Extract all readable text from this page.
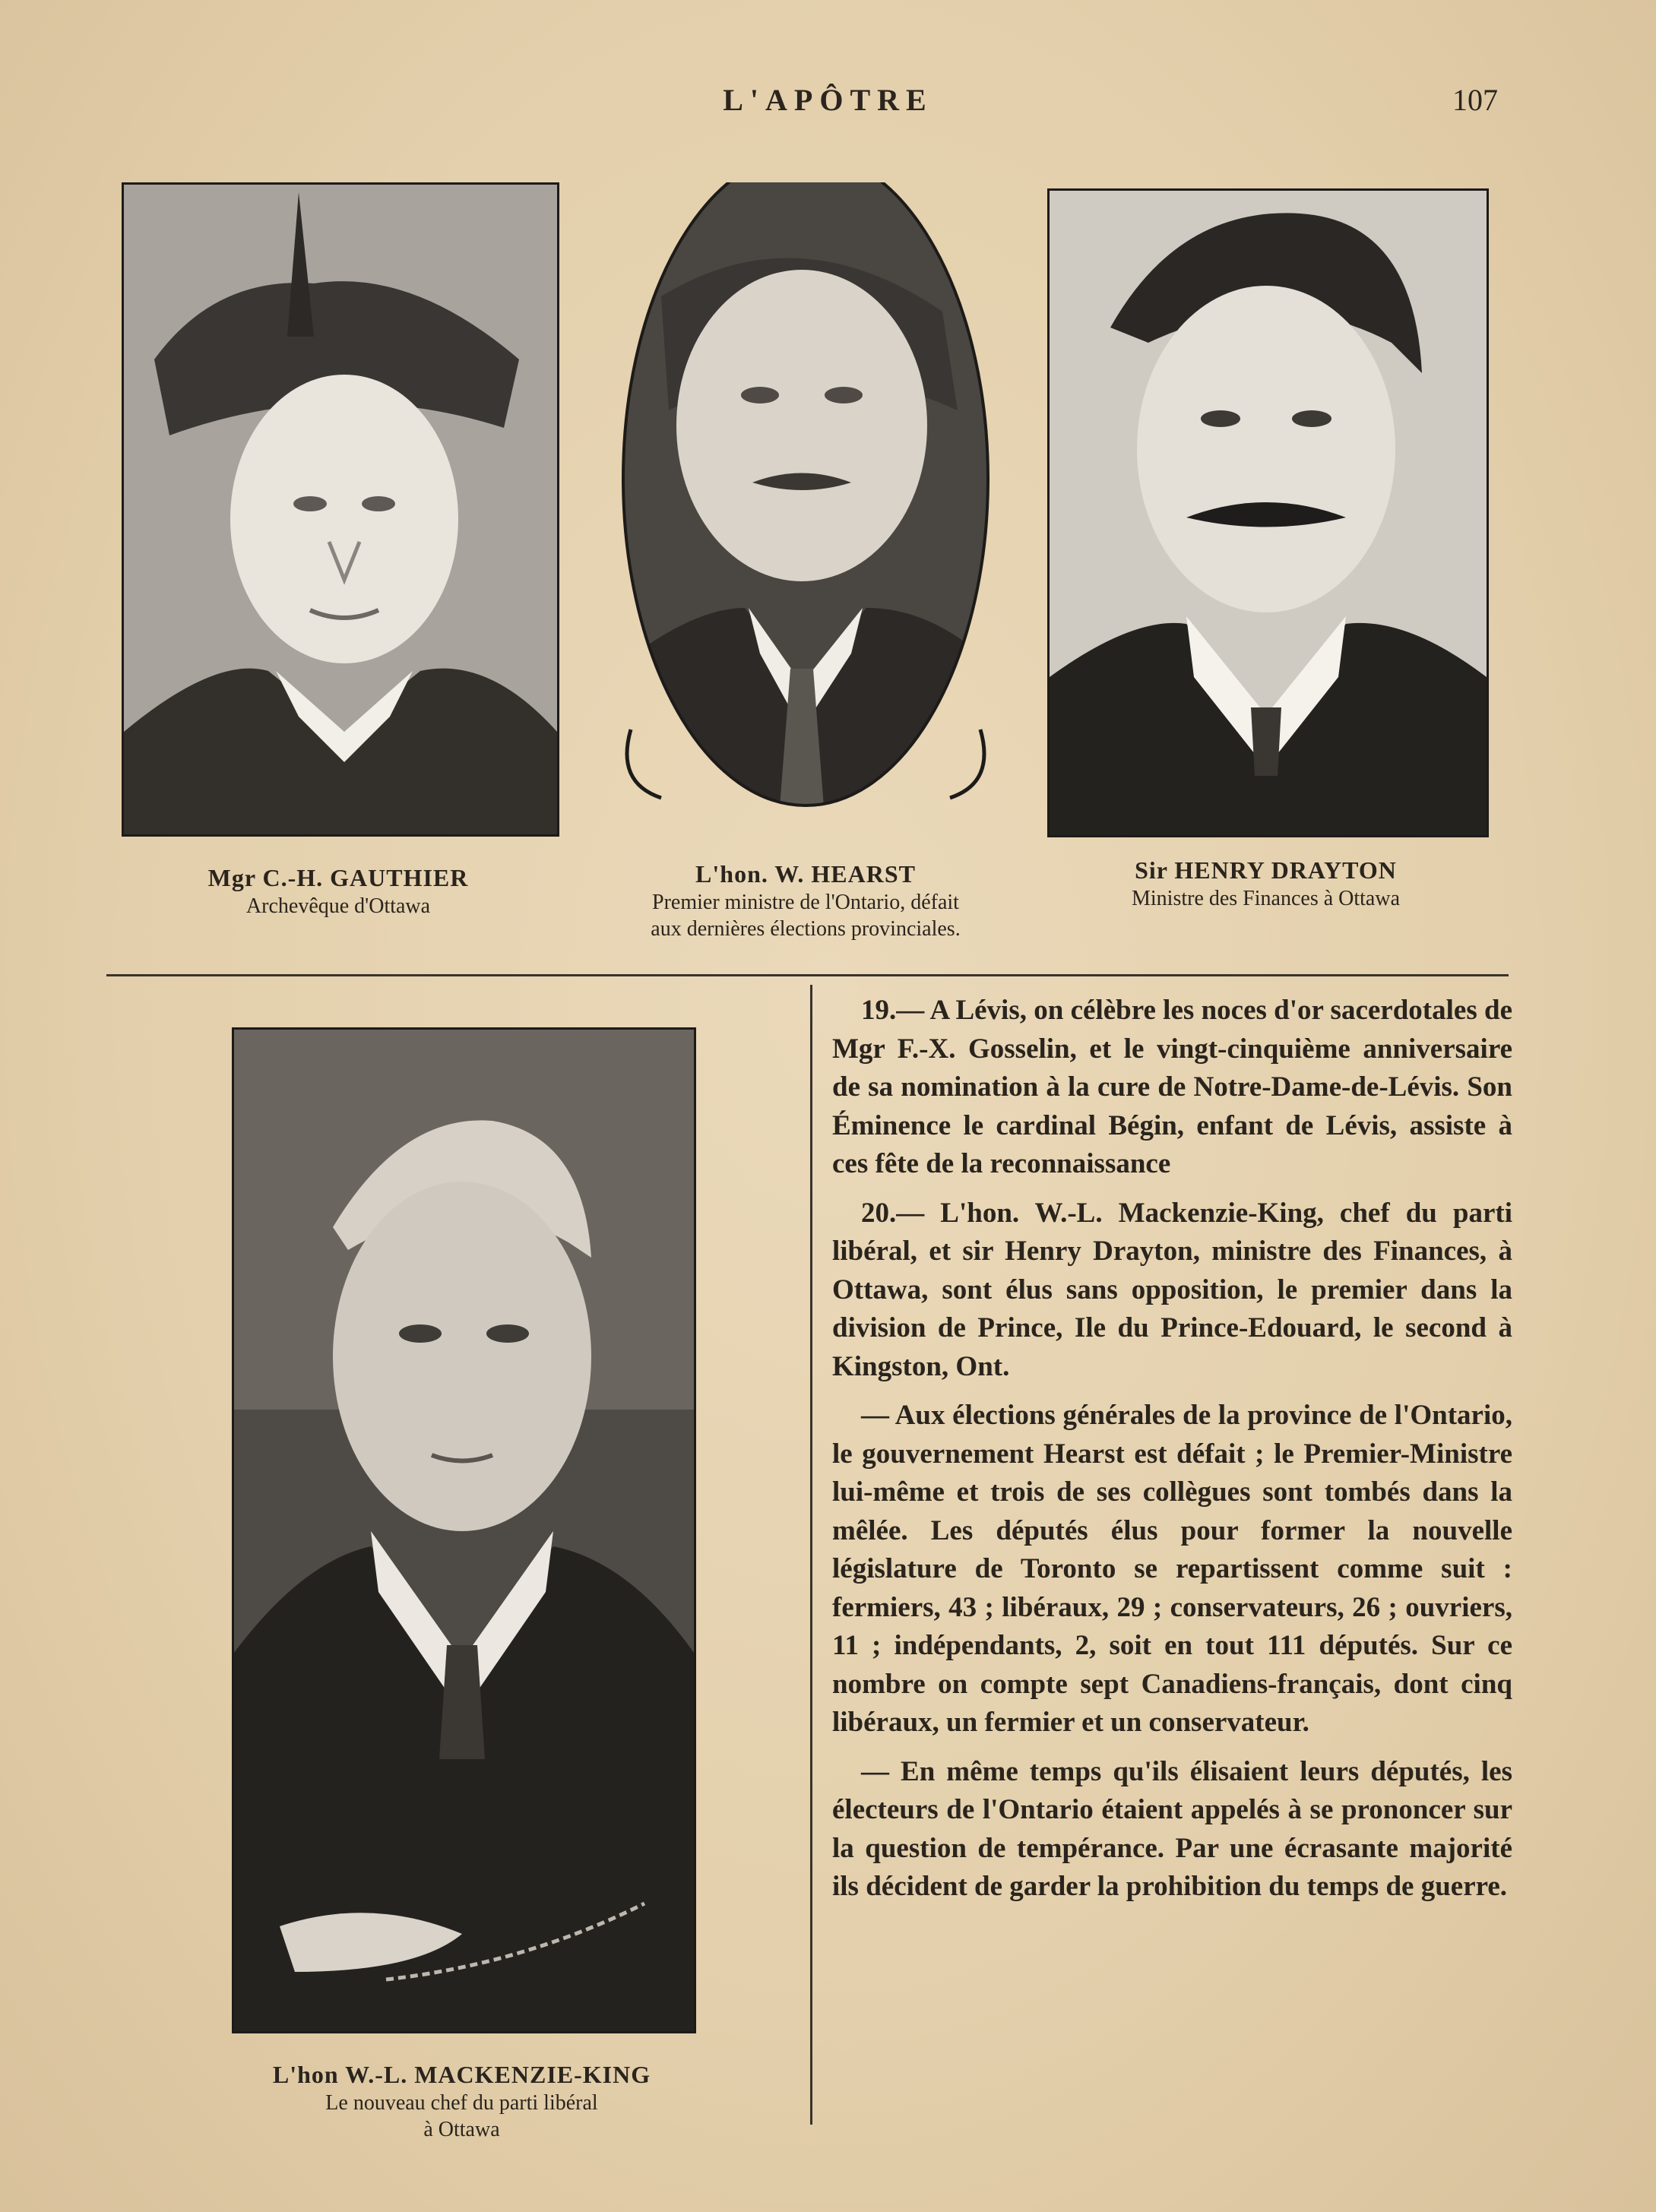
L'APÔTRE	107
Mgr C.-H. GAUTHIER
Archevêque d'Ottawa
L'hon. W. HEARST
Premier ministre de l'Ontario, défait
aux dernières élections provinciales.
Sir HENRY DRAYTON
Ministre des Finances à Ottawa
L'hon W.-L. MACKENZIE-KING
Le nouveau chef du parti libéral
à Ottawa

19.— A Lévis, on célèbre les noces d'or sacerdotales de Mgr F.-X. Gosselin, et le vingt-cinquième anniversaire de sa nomination à la cure de Notre-Dame-de-Lévis. Son Éminence le cardinal Bégin, enfant de Lévis, assiste à ces fête de la reconnaissance

20.— L'hon. W.-L. Mackenzie-King, chef du parti libéral, et sir Henry Drayton, ministre des Finances, à Ottawa, sont élus sans opposition, le premier dans la division de Prince, Ile du Prince-Edouard, le second à Kingston, Ont.

— Aux élections générales de la province de l'Ontario, le gouvernement Hearst est défait ; le Premier-Ministre lui-même et trois de ses collègues sont tombés dans la mêlée. Les députés élus pour former la nouvelle législature de Toronto se repartissent comme suit : fermiers, 43 ; libéraux, 29 ; conservateurs, 26 ; ouvriers, 11 ; indépendants, 2, soit en tout 111 députés. Sur ce nombre on compte sept Canadiens-français, dont cinq libéraux, un fermier et un conservateur.

— En même temps qu'ils élisaient leurs députés, les électeurs de l'Ontario étaient appelés à se prononcer sur la question de tempérance. Par une écrasante majorité ils décident de garder la prohibition du temps de guerre.
